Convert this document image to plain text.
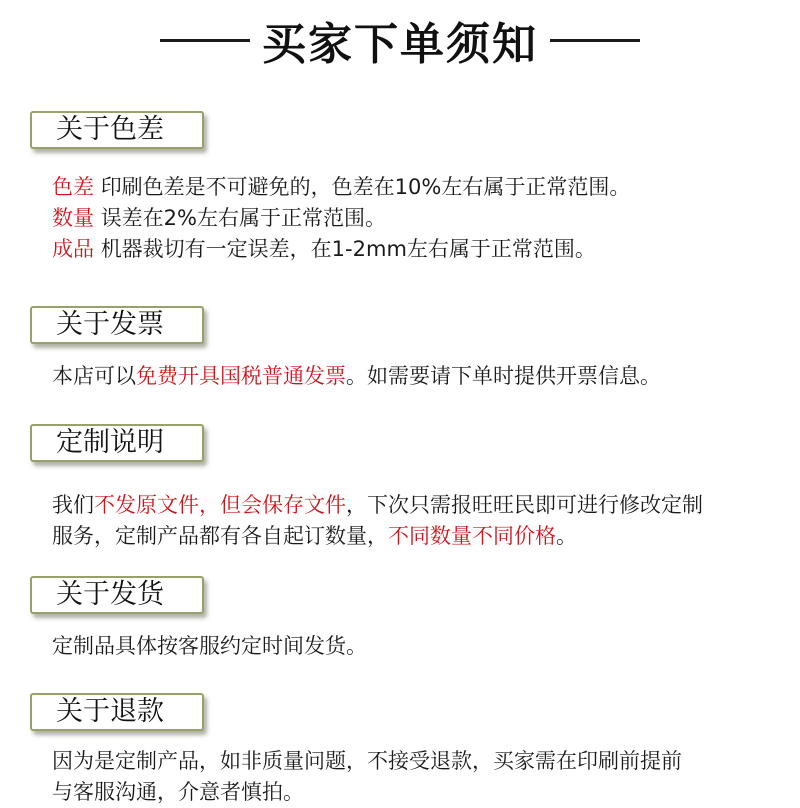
买家下单须知
关于色差
色差 印刷色差是不可避免的，色差在10%左右属于正常范围。
数量 误差在2%左右属于正常范围。
成品 机器裁切有一定误差，在1-2mm左右属于正常范围。
关于发票
本店可以免费开具国税普通发票。如需要请下单时提供开票信息。
定制说明
我们不发原文件，但会保存文件，下次只需报旺旺民即可进行修改定制
服务，定制产品都有各自起订数量，不同数量不同价格。
关于发货
定制品具体按客服约定时间发货。
关于退款
因为是定制产品，如非质量问题，不接受退款，买家需在印刷前提前
与客服沟通，介意者慎拍。
